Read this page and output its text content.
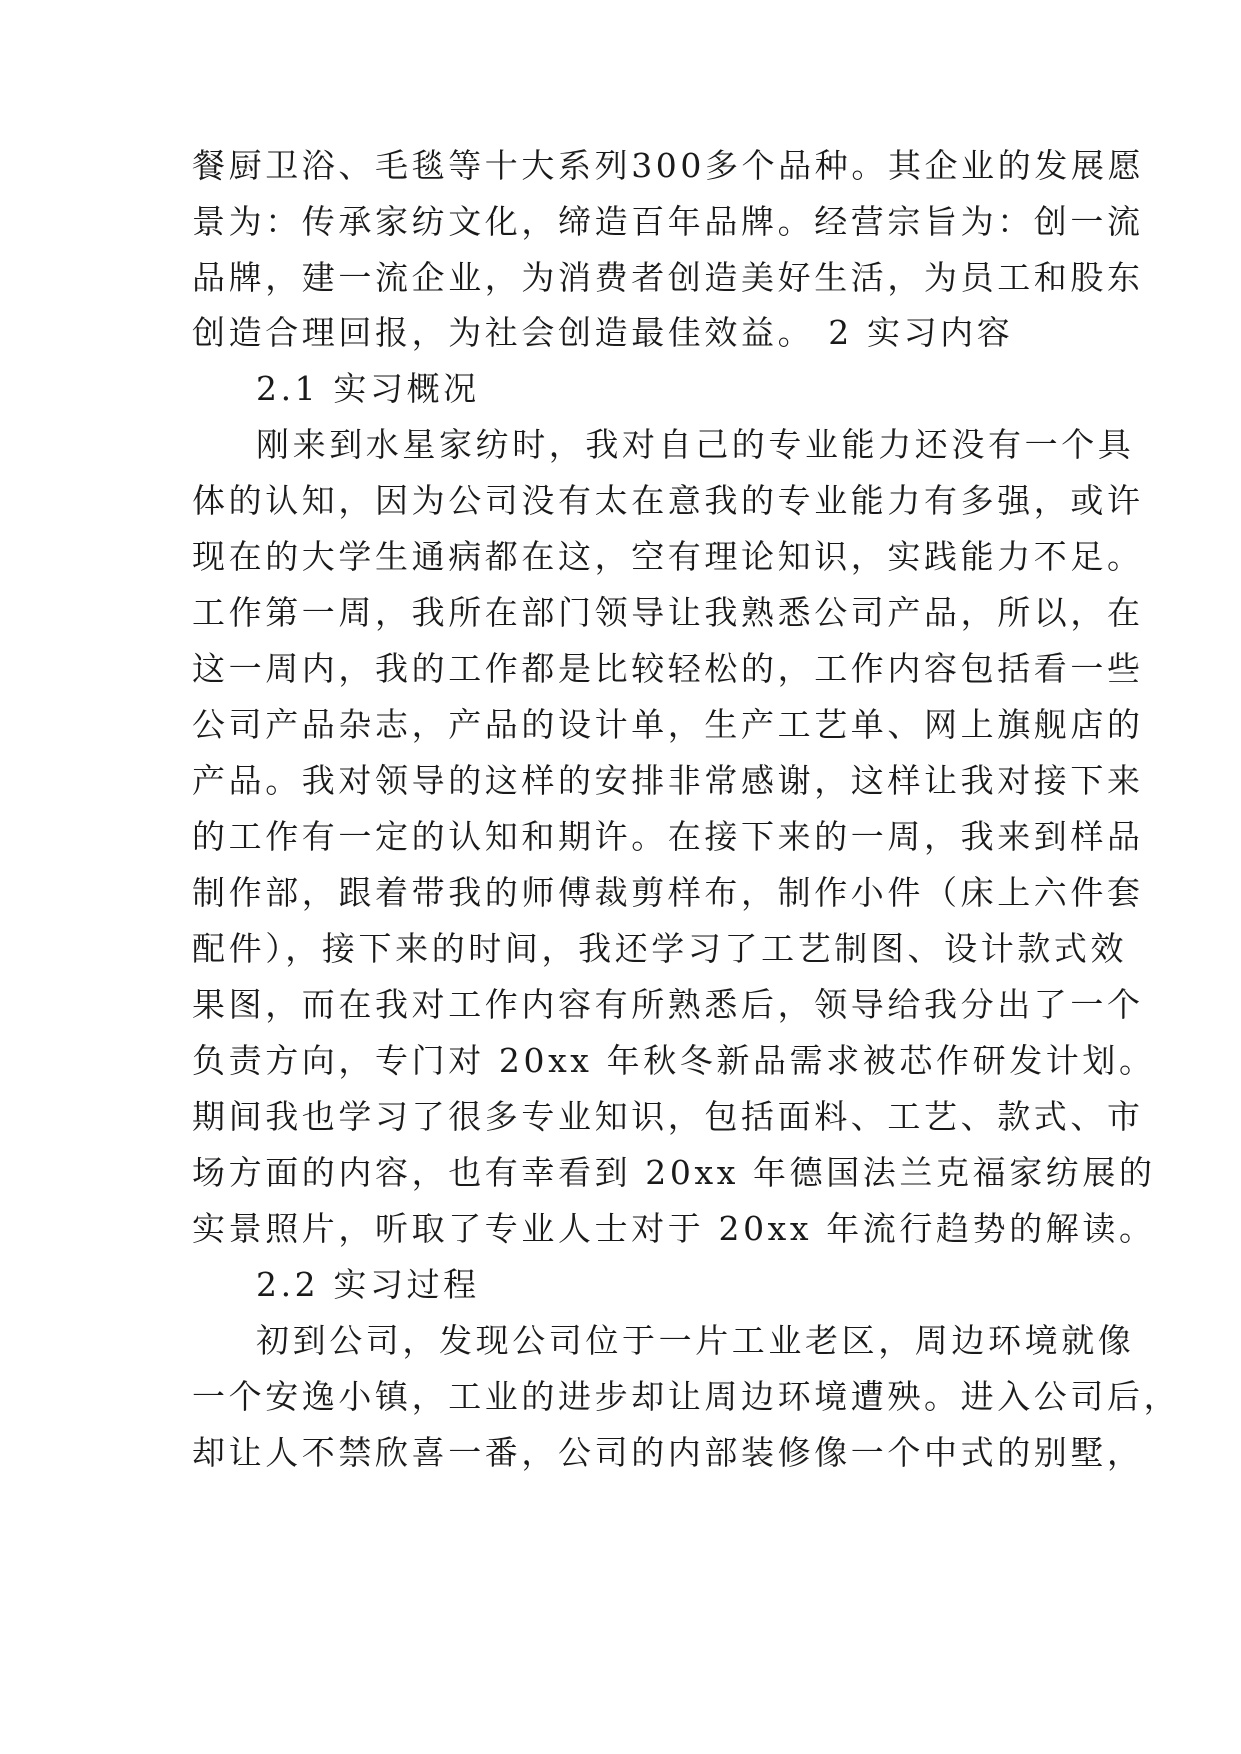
餐厨卫浴、毛毯等十大系列300多个品种。其企业的发展愿
景为：传承家纺文化，缔造百年品牌。经营宗旨为：创一流
品牌，建一流企业，为消费者创造美好生活，为员工和股东
创造合理回报，为社会创造最佳效益。 2 实习内容
2.1 实习概况
刚来到水星家纺时，我对自己的专业能力还没有一个具
体的认知，因为公司没有太在意我的专业能力有多强，或许
现在的大学生通病都在这，空有理论知识，实践能力不足。
工作第一周，我所在部门领导让我熟悉公司产品，所以，在
这一周内，我的工作都是比较轻松的，工作内容包括看一些
公司产品杂志，产品的设计单，生产工艺单、网上旗舰店的
产品。我对领导的这样的安排非常感谢，这样让我对接下来
的工作有一定的认知和期许。在接下来的一周，我来到样品
制作部，跟着带我的师傅裁剪样布，制作小件（床上六件套
配件），接下来的时间，我还学习了工艺制图、设计款式效
果图，而在我对工作内容有所熟悉后，领导给我分出了一个
负责方向，专门对 20xx 年秋冬新品需求被芯作研发计划。
期间我也学习了很多专业知识，包括面料、工艺、款式、市
场方面的内容，也有幸看到 20xx 年德国法兰克福家纺展的
实景照片，听取了专业人士对于 20xx 年流行趋势的解读。
2.2 实习过程
初到公司，发现公司位于一片工业老区，周边环境就像
一个安逸小镇，工业的进步却让周边环境遭殃。进入公司后，
却让人不禁欣喜一番，公司的内部装修像一个中式的别墅，
